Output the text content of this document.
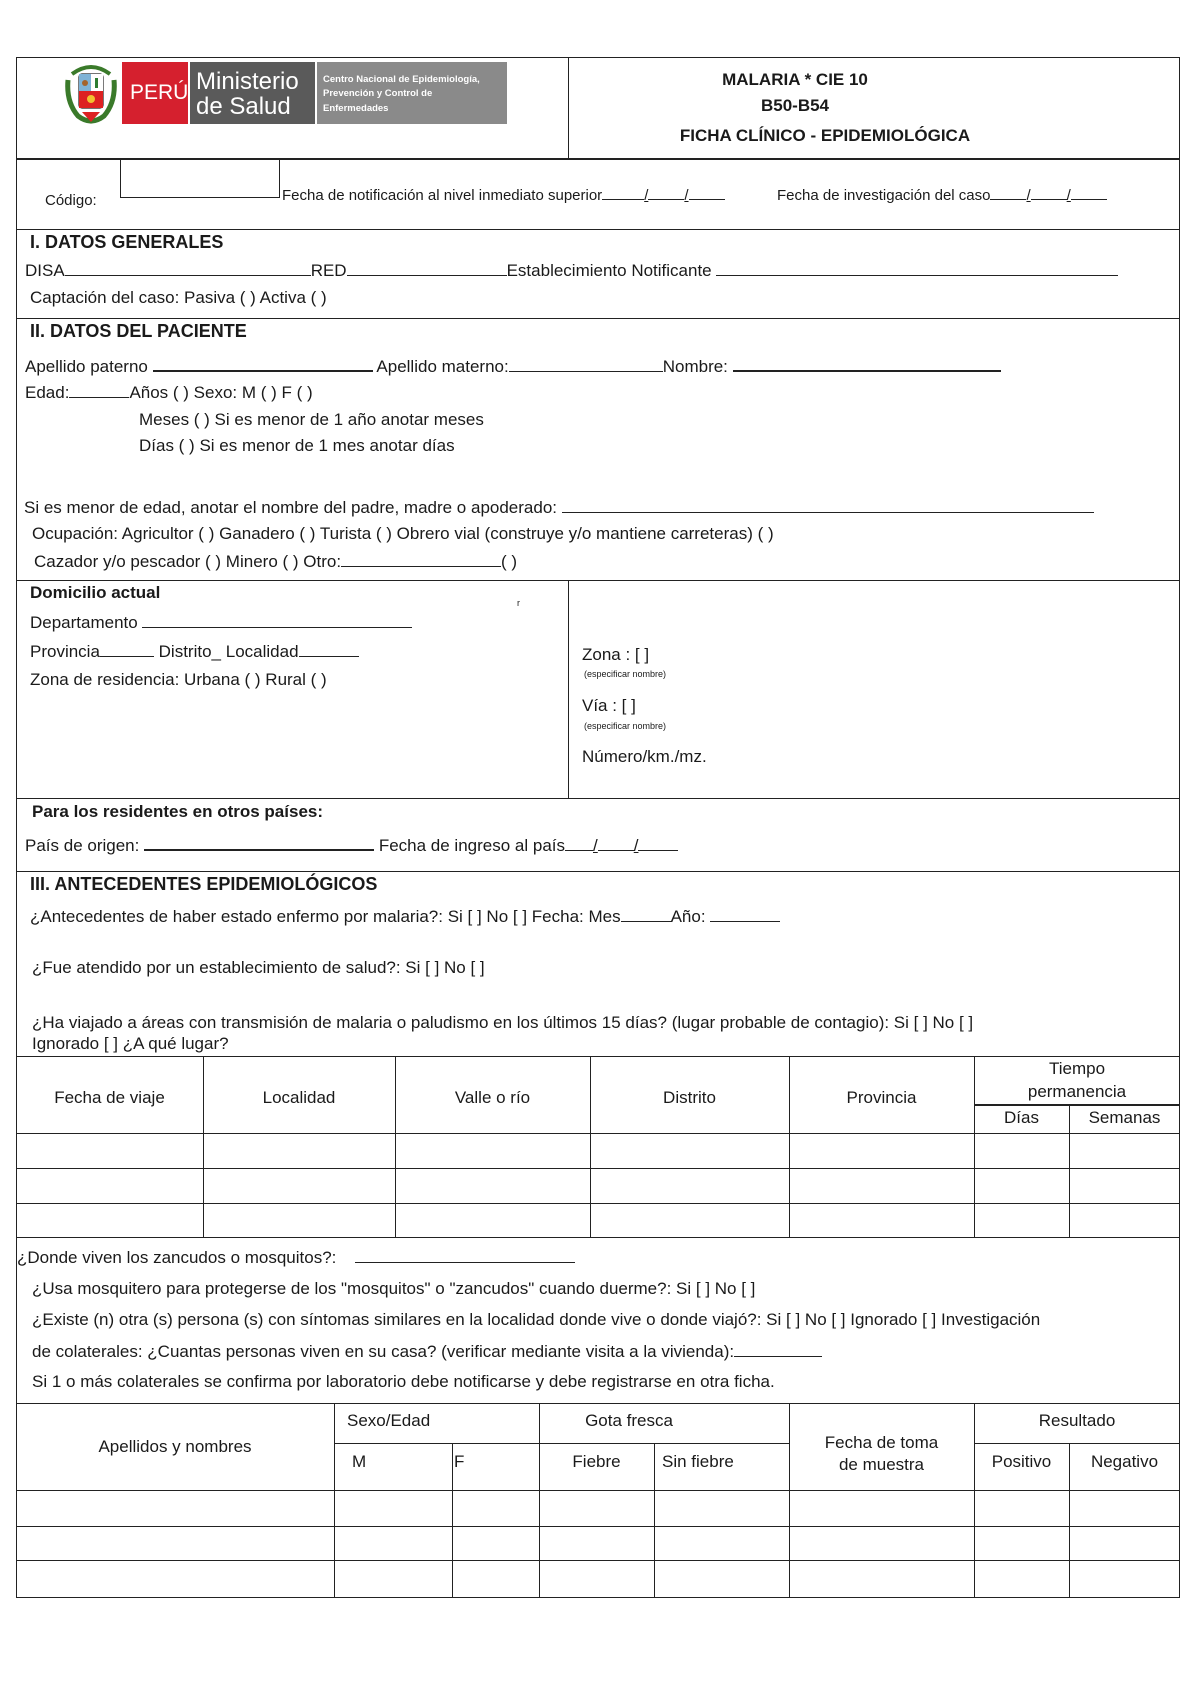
PERÚ Ministerio
de Salud
Centro Nacional de Epidemiología,
Prevención y Control de
Enfermedades
MALARIA * CIE 10
B50-B54
FICHA CLÍNICO - EPIDEMIOLÓGICA
Código:	Fecha de notificación al nivel inmediato superior	/ /	Fecha de investigación del caso / /
I. DATOS GENERALES
DISA	RED	Establecimiento Notificante
Captación del caso: Pasiva ( ) Activa ( )
II. DATOS DEL PACIENTE
Apellido paterno	Apellido materno:	Nombre:
Edad:	Años ( ) Sexo: M ( ) F ( )
Meses ( ) Si es menor de 1 año anotar meses
Días ( ) Si es menor de 1 mes anotar días
Si es menor de edad, anotar el nombre del padre, madre o apoderado:
Ocupación: Agricultor ( ) Ganadero ( ) Turista ( ) Obrero vial (construye y/o mantiene carreteras) ( )
Cazador y/o pescador ( ) Minero ( ) Otro:	( )
Domicilio actual
r
Departamento
Provincia	Distrito_ Localidad
Zona de residencia: Urbana ( ) Rural ( )
Zona : [ ]
(especificar nombre)
Vía : [ ]
(especificar nombre)
Número/km./mz.
Para los residentes en otros países:
País de origen:	Fecha de ingreso al país / /
III. ANTECEDENTES EPIDEMIOLÓGICOS
¿Antecedentes de haber estado enfermo por malaria?: Si [ ] No [ ] Fecha: Mes	Año:
¿Fue atendido por un establecimiento de salud?: Si [ ] No [ ]
¿Ha viajado a áreas con transmisión de malaria o paludismo en los últimos 15 días? (lugar probable de contagio): Si [ ] No [ ]
Ignorado [ ] ¿A qué lugar?
Fecha de viaje	Localidad	Valle o río	Distrito	Provincia
Tiempo
permanencia
Días	Semanas
¿Donde viven los zancudos o mosquitos?:
¿Usa mosquitero para protegerse de los "mosquitos" o "zancudos" cuando duerme?: Si [ ] No [ ]
¿Existe (n) otra (s) persona (s) con síntomas similares en la localidad donde vive o donde viajó?: Si [ ] No [ ] Ignorado [ ] Investigación
de colaterales: ¿Cuantas personas viven en su casa? (verificar mediante visita a la vivienda):
Si 1 o más colaterales se confirma por laboratorio debe notificarse y debe registrarse en otra ficha.
Apellidos y nombres
Sexo/Edad
M	F
Gota fresca
Fiebre	Sin fiebre
Fecha de toma
de muestra
Resultado
Positivo	Negativo
